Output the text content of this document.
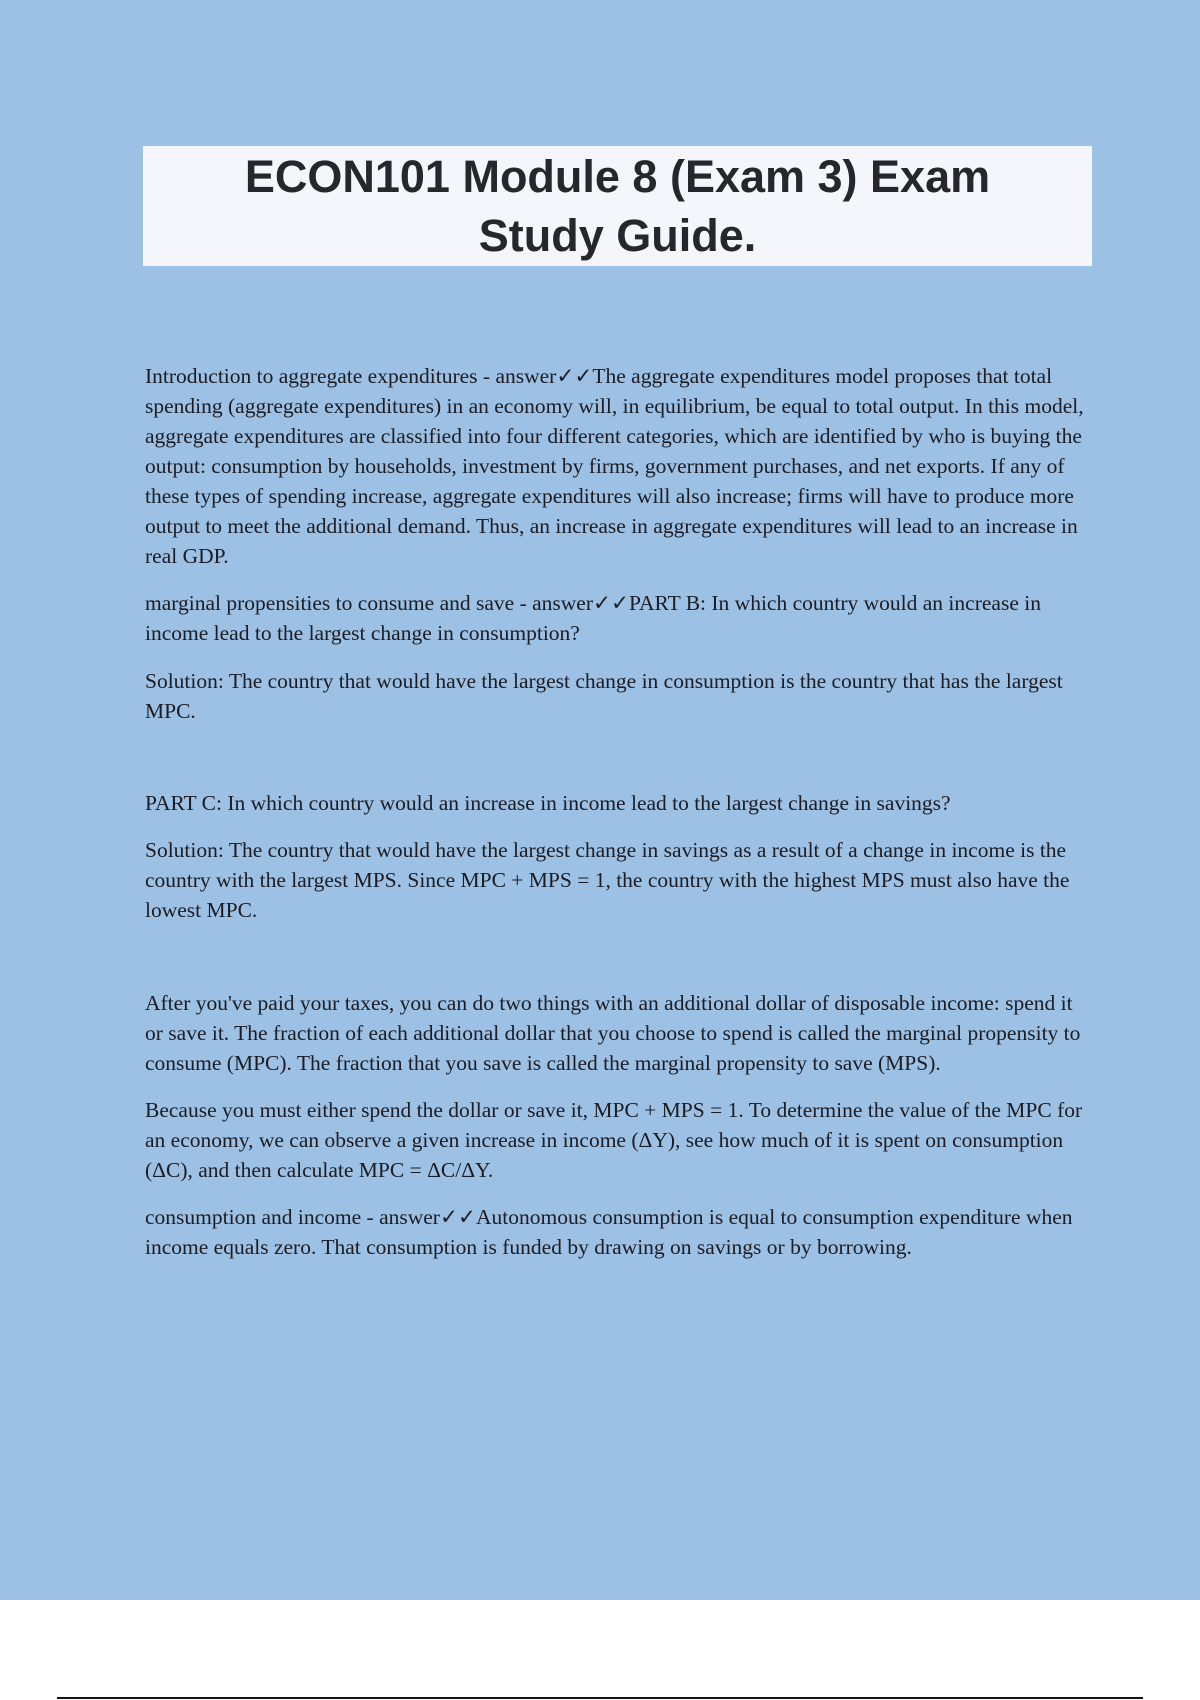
ECON101 Module 8 (Exam 3) Exam Study Guide.

Introduction to aggregate expenditures - answer✓✓The aggregate expenditures model proposes that total spending (aggregate expenditures) in an economy will, in equilibrium, be equal to total output. In this model, aggregate expenditures are classified into four different categories, which are identified by who is buying the output: consumption by households, investment by firms, government purchases, and net exports. If any of these types of spending increase, aggregate expenditures will also increase; firms will have to produce more output to meet the additional demand. Thus, an increase in aggregate expenditures will lead to an increase in real GDP.

marginal propensities to consume and save - answer✓✓PART B: In which country would an increase in income lead to the largest change in consumption?

Solution: The country that would have the largest change in consumption is the country that has the largest MPC.

PART C: In which country would an increase in income lead to the largest change in savings?

Solution: The country that would have the largest change in savings as a result of a change in income is the country with the largest MPS. Since MPC + MPS = 1, the country with the highest MPS must also have the lowest MPC.

After you've paid your taxes, you can do two things with an additional dollar of disposable income: spend it or save it. The fraction of each additional dollar that you choose to spend is called the marginal propensity to consume (MPC). The fraction that you save is called the marginal propensity to save (MPS).

Because you must either spend the dollar or save it, MPC + MPS = 1. To determine the value of the MPC for an economy, we can observe a given increase in income (ΔY), see how much of it is spent on consumption (ΔC), and then calculate MPC = ΔC/ΔY.

consumption and income - answer✓✓Autonomous consumption is equal to consumption expenditure when income equals zero. That consumption is funded by drawing on savings or by borrowing.
